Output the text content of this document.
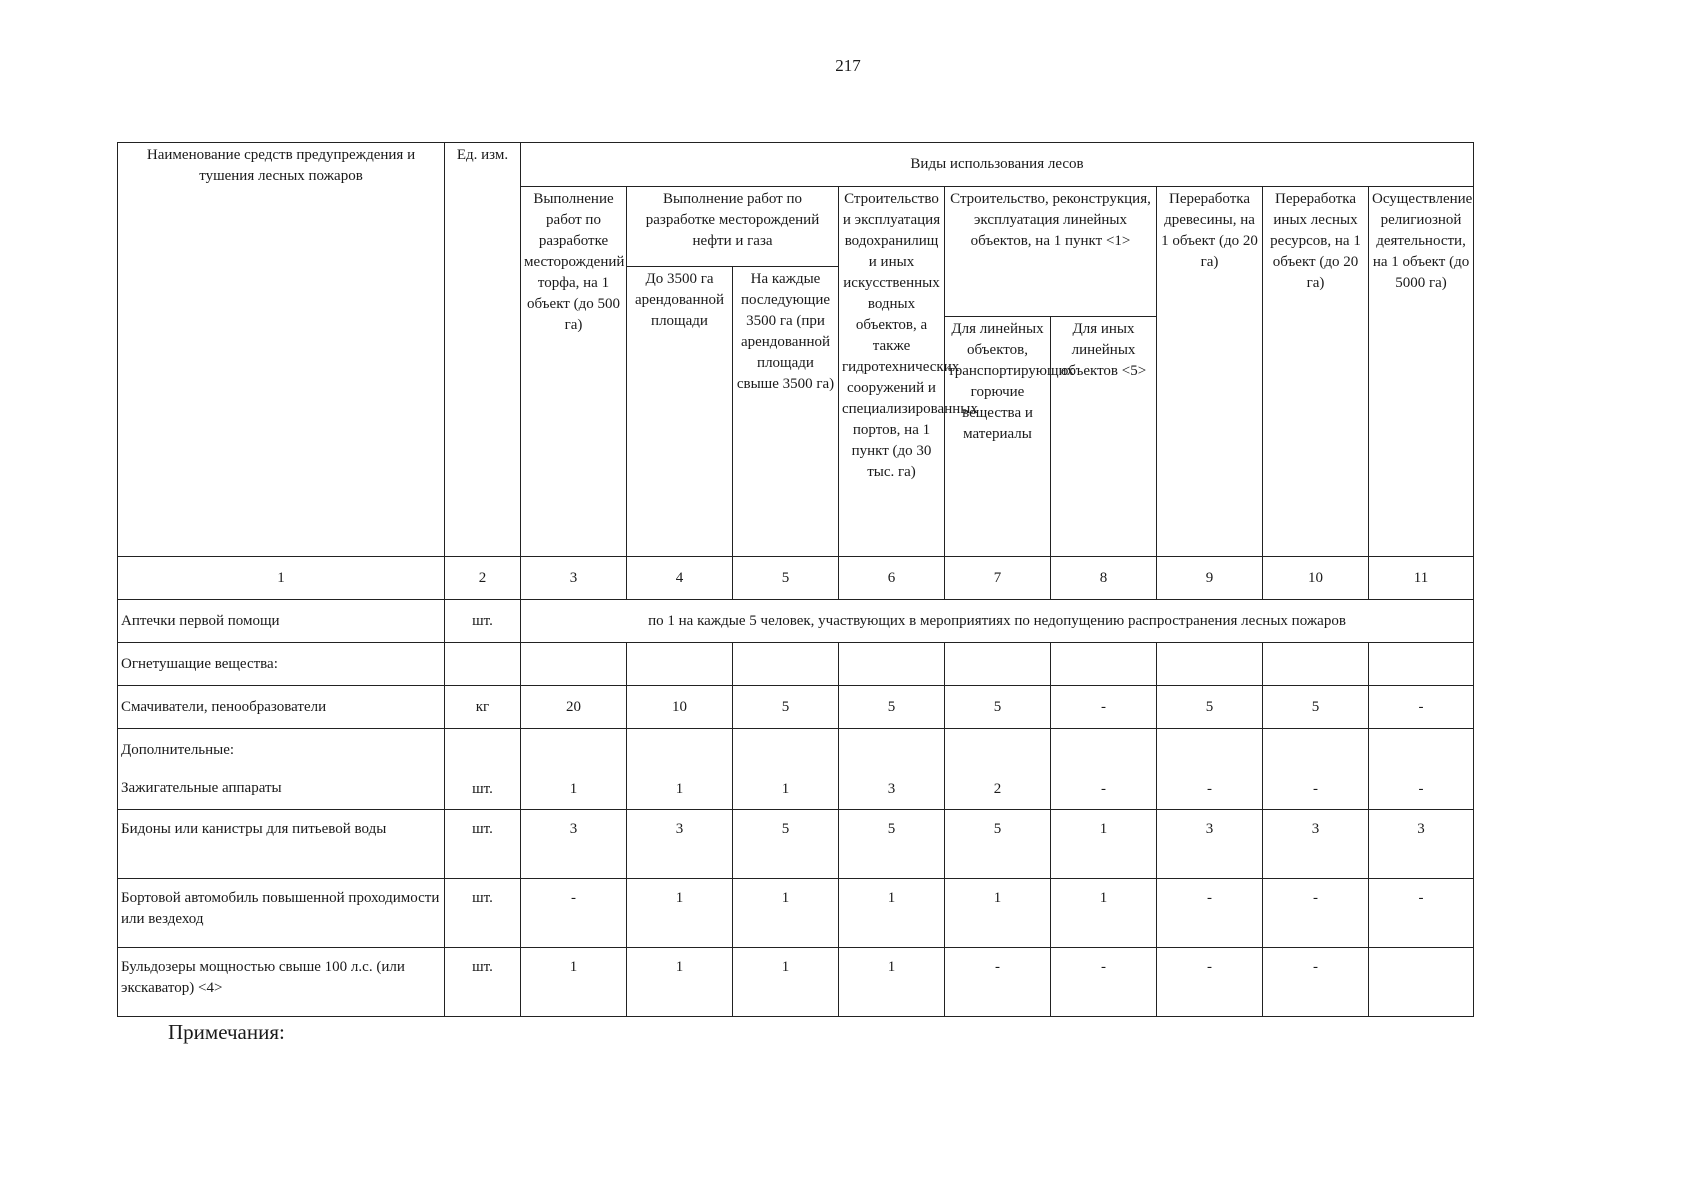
217
Наименование средств предупреждения и тушения лесных пожаров	Ед. изм.	Виды использования лесов								
		Выполнение работ по разработке месторождений торфа, на 1 объект (до 500 га)	Выполнение работ по разработке месторождений нефти и газа		Строительство и эксплуатация водохранилищ и иных искусственных водных объектов, а также гидротехнических сооружений и специализированных портов, на 1 пункт (до 30 тыс. га)	Строительство, реконструкция, эксплуатация линейных объектов, на 1 пункт <1>		Переработка древесины, на 1 объект (до 20 га)	Переработка иных лесных ресурсов, на 1 объект (до 20 га)	Осуществление религиозной деятельности, на 1 объект (до 5000 га)
			До 3500 га арендованной площади	На каждые последующие 3500 га (при арендованной площади свыше 3500 га)						
						Для линейных объектов, транспортирующих горючие вещества и материалы	Для иных линейных объектов <5>			
1	2	3	4	5	6	7	8	9	10	11
Аптечки первой помощи	шт.	по 1 на каждые 5 человек, участвующих в мероприятиях по недопущению распространения лесных пожаров								
Огнетушащие вещества:										
Смачиватели, пенообразователи	кг	20	10	5	5	5	-	5	5	-

Дополнительные:
Зажигательные аппараты	шт.	1	1	1	3	2	-	-	-	-
Бидоны или канистры для питьевой воды	шт.	3	3	5	5	5	1	3	3	3
Бортовой автомобиль повышенной проходимости или вездеход	шт.	-	1	1	1	1	1	-	-	-
Бульдозеры мощностью свыше 100 л.с. (или экскаватор) <4>	шт.	1	1	1	1	-	-	-	-	
Примечания:
